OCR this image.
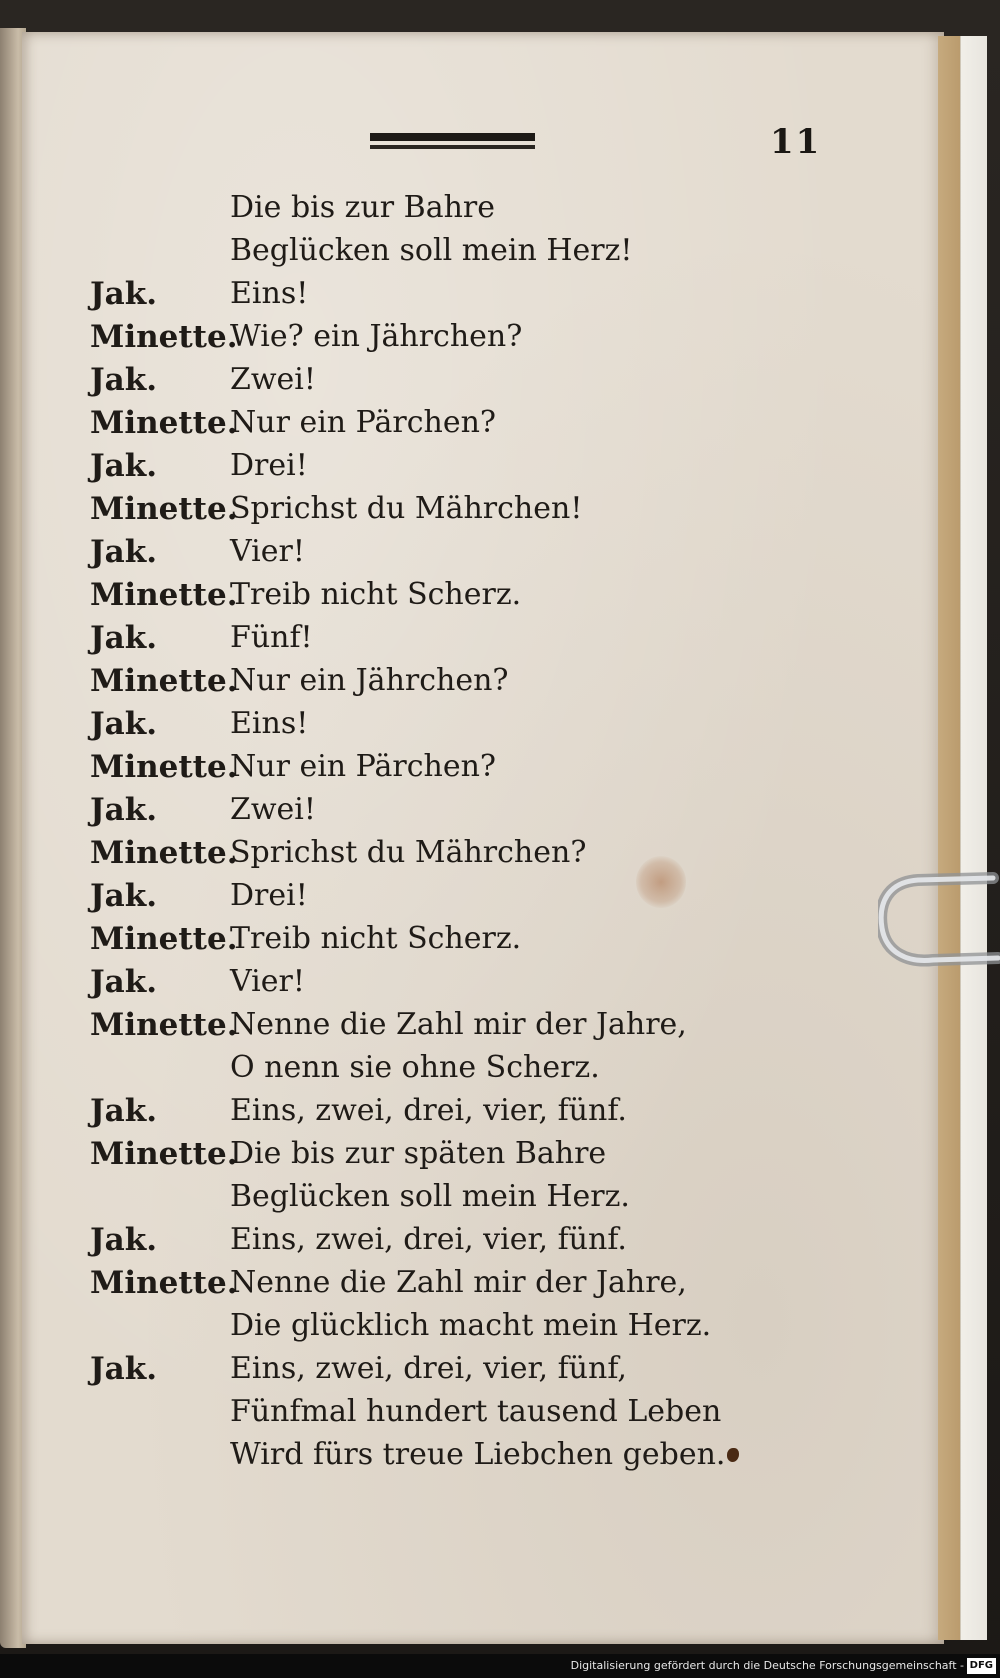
11
Die bis zur Bahre
Beglücken soll mein Herz!
Jak. Eins!
Minette.
Wie? ein Jährchen?
Jak. Zwei!
Minette.
Nur ein Pärchen?
Jak. Drei!
Minette.
Sprichst du Mährchen!
Jak. Vier!
Minette.
Treib nicht Scherz.
Jak. Fünf!
Minette.
Nur ein Jährchen?
Jak. Eins!
Minette.
Nur ein Pärchen?
Jak. Zwei!
Minette.
Sprichst du Mährchen?
Jak. Drei!
Minette.
Treib nicht Scherz.
Jak. Vier!
Minette.
Nenne die Zahl mir der Jahre,
O nenn sie ohne Scherz.
Jak. Eins, zwei, drei, vier, fünf.
Minette.
Die bis zur späten Bahre
Beglücken soll mein Herz.
Jak. Eins, zwei, drei, vier, fünf.
Minette.
Nenne die Zahl mir der Jahre,
Die glücklich macht mein Herz.
Jak. Eins, zwei, drei, vier, fünf,
Fünfmal hundert tausend Leben
Wird fürs treue Liebchen geben.
Digitalisierung gefördert durch die Deutsche Forschungsgemeinschaft - DFG
